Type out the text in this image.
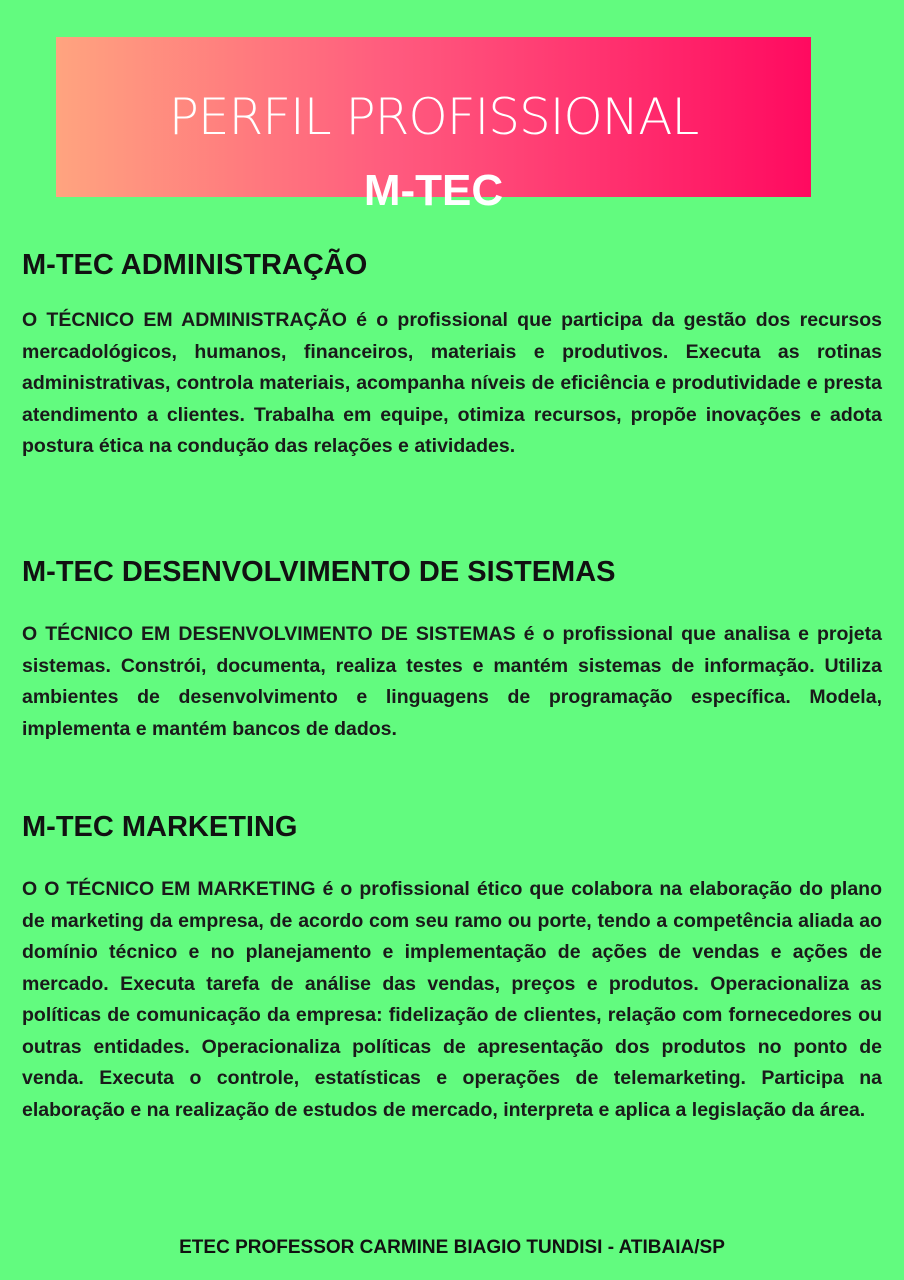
PERFIL PROFISSIONAL
M-TEC
M-TEC ADMINISTRAÇÃO
O TÉCNICO EM ADMINISTRAÇÃO é o profissional que participa da gestão dos recursos mercadológicos, humanos, financeiros, materiais e produtivos. Executa as rotinas administrativas, controla materiais, acompanha níveis de eficiência e produtividade e presta atendimento a clientes. Trabalha em equipe, otimiza recursos, propõe inovações e adota postura ética na condução das relações e atividades.
M-TEC DESENVOLVIMENTO DE SISTEMAS
O TÉCNICO EM DESENVOLVIMENTO DE SISTEMAS é o profissional que analisa e projeta sistemas. Constrói, documenta, realiza testes e mantém sistemas de informação. Utiliza ambientes de desenvolvimento e linguagens de programação específica. Modela, implementa e mantém bancos de dados.
M-TEC MARKETING
O O TÉCNICO EM MARKETING é o profissional ético que colabora na elaboração do plano de marketing da empresa, de acordo com seu ramo ou porte, tendo a competência aliada ao domínio técnico e no planejamento e implementação de ações de vendas e ações de mercado. Executa tarefa de análise das vendas, preços e produtos. Operacionaliza as políticas de comunicação da empresa: fidelização de clientes, relação com fornecedores ou outras entidades. Operacionaliza políticas de apresentação dos produtos no ponto de venda. Executa o controle, estatísticas e operações de telemarketing. Participa na elaboração e na realização de estudos de mercado, interpreta e aplica a legislação da área.
ETEC PROFESSOR CARMINE BIAGIO TUNDISI - ATIBAIA/SP
